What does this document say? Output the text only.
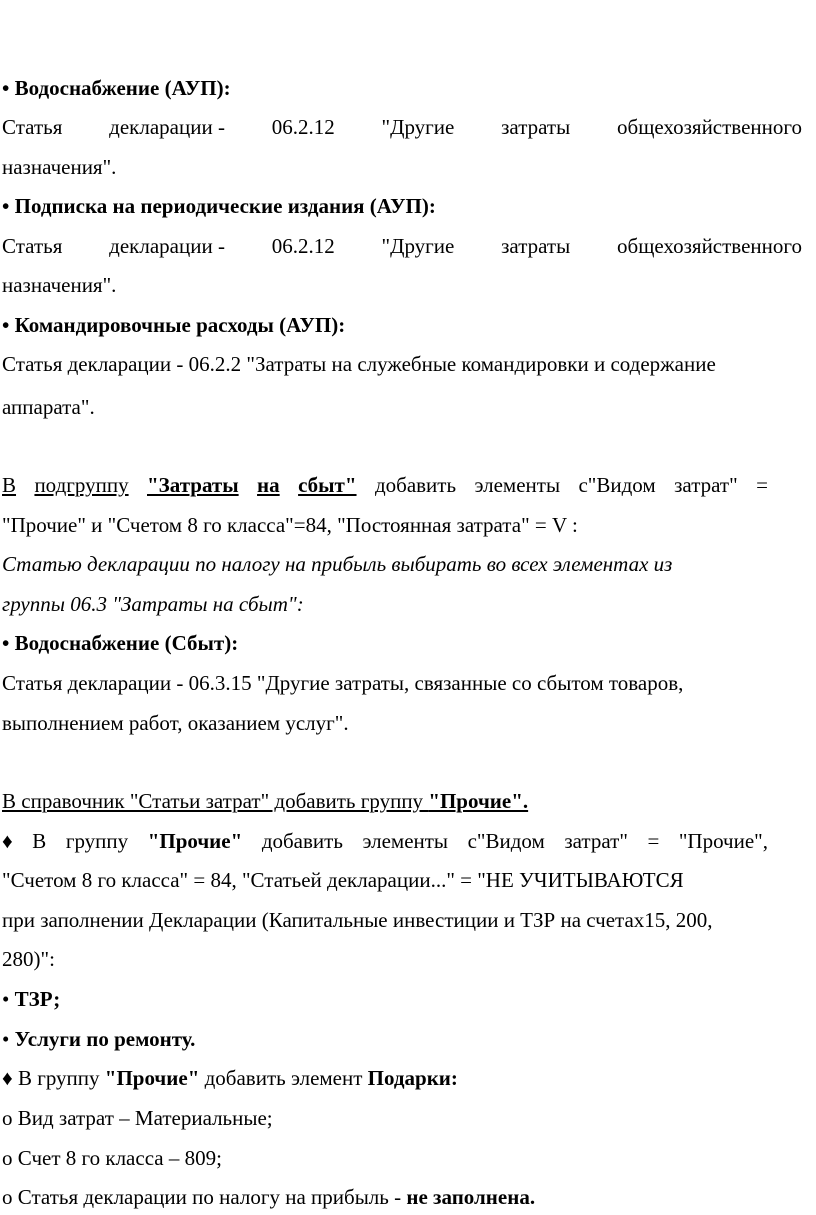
• Водоснабжение (АУП):
Статья декларации - 06.2.12 "Другие затраты общехозяйственного
назначения".
• Подписка на периодические издания (АУП):
Статья декларации - 06.2.12 "Другие затраты общехозяйственного
назначения".
• Командировочные расходы (АУП):
Статья декларации - 06.2.2 "Затраты на служебные командировки и содержание
аппарата".
В подгруппу "Затраты на сбыт" добавить элементы с"Видом затрат" =
"Прочие" и "Счетом 8 го класса"=84, "Постоянная затрата" = V :
Статью декларации по налогу на прибыль выбирать во всех элементах из
группы 06.3 "Затраты на сбыт":
• Водоснабжение (Сбыт):
Статья декларации - 06.3.15 "Другие затраты, связанные со сбытом товаров,
выполнением работ, оказанием услуг".
В справочник "Статьи затрат" добавить группу "Прочие".
♦ В группу "Прочие" добавить элементы с"Видом затрат" = "Прочие",
"Счетом 8 го класса" = 84, "Статьей декларации..." = "НЕ УЧИТЫВАЮТСЯ
при заполнении Декларации (Капитальные инвестиции и ТЗР на счетах15, 200,
280)":
• ТЗР;
• Услуги по ремонту.
♦ В группу "Прочие" добавить элемент Подарки:
o Вид затрат – Материальные;
o Счет 8 го класса – 809;
o Статья декларации по налогу на прибыль - не заполнена.
